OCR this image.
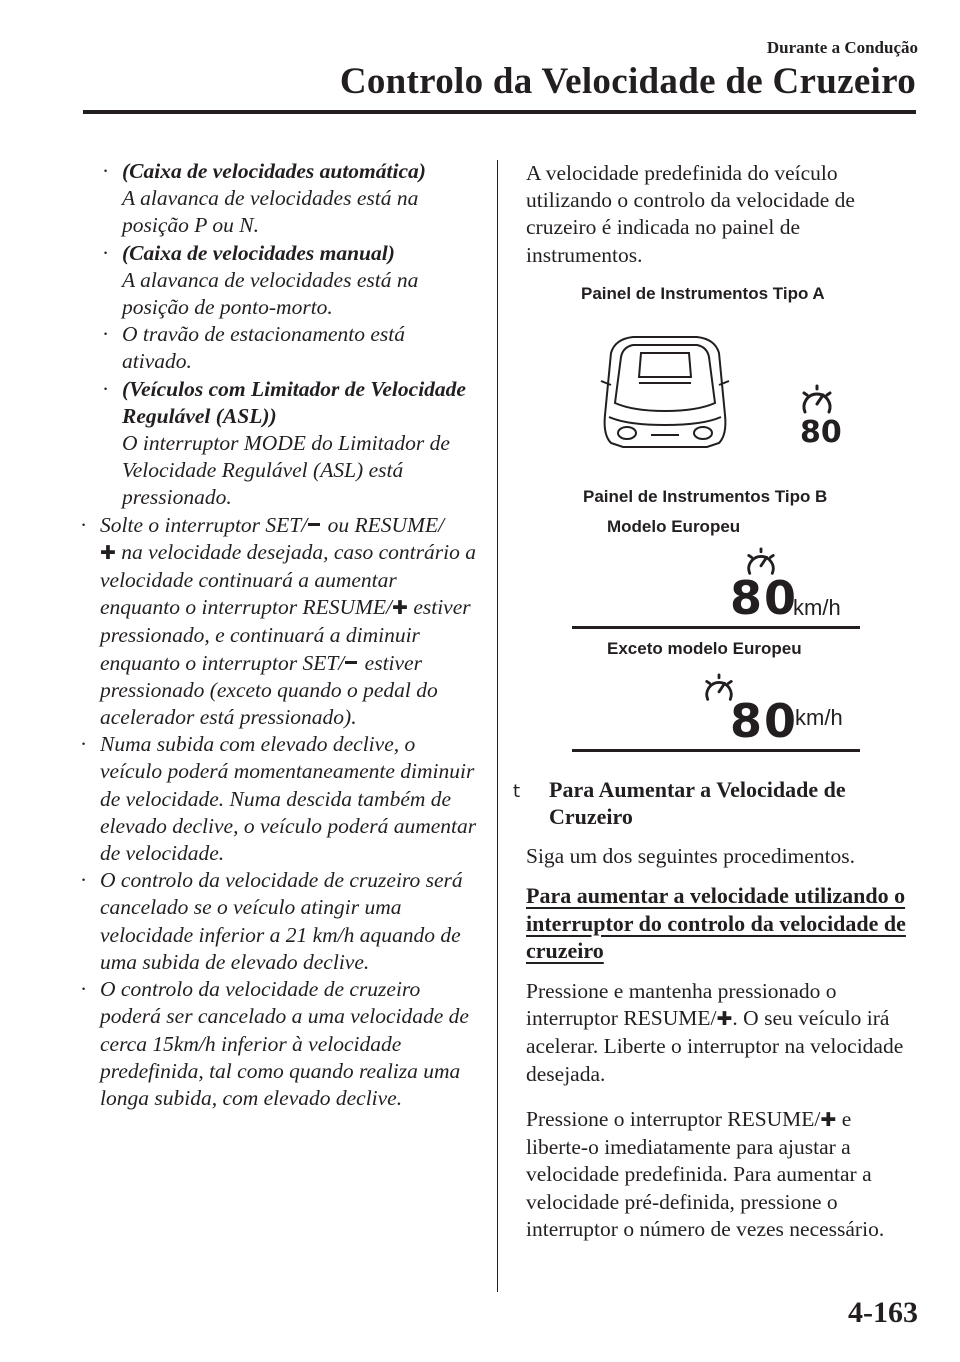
Durante a Condução
Controlo da Velocidade de Cruzeiro
· (Caixa de velocidades automática)
A alavanca de velocidades está na posição P ou N.
· (Caixa de velocidades manual)
A alavanca de velocidades está na posição de ponto-morto.
· O travão de estacionamento está ativado.
· (Veículos com Limitador de Velocidade Regulável (ASL))
O interruptor MODE do Limitador de Velocidade Regulável (ASL) está pressionado.
· Solte o interruptor SET/ ou RESUME/
✚ na velocidade desejada, caso contrário a velocidade continuará a aumentar enquanto o interruptor RESUME/✚ estiver pressionado, e continuará a diminuir enquanto o interruptor SET/ estiver pressionado (exceto quando o pedal do acelerador está pressionado).
· Numa subida com elevado declive, o veículo poderá momentaneamente diminuir de velocidade. Numa descida também de elevado declive, o veículo poderá aumentar de velocidade.
· O controlo da velocidade de cruzeiro será cancelado se o veículo atingir uma velocidade inferior a 21 km/h aquando de uma subida de elevado declive.
· O controlo da velocidade de cruzeiro poderá ser cancelado a uma velocidade de cerca 15km/h inferior à velocidade predefinida, tal como quando realiza uma longa subida, com elevado declive.
A velocidade predefinida do veículo utilizando o controlo da velocidade de cruzeiro é indicada no painel de instrumentos.
Painel de Instrumentos Tipo A
80
Painel de Instrumentos Tipo B
Modelo Europeu
80
km/h
Exceto modelo Europeu
80
km/h
t Para Aumentar a Velocidade de Cruzeiro
Siga um dos seguintes procedimentos.
Para aumentar a velocidade utilizando o interruptor do controlo da velocidade de cruzeiro
Pressione e mantenha pressionado o interruptor RESUME/✚. O seu veículo irá acelerar. Liberte o interruptor na velocidade desejada.
Pressione o interruptor RESUME/✚ e liberte-o imediatamente para ajustar a velocidade predefinida. Para aumentar a velocidade pré-definida, pressione o interruptor o número de vezes necessário.
4-163
